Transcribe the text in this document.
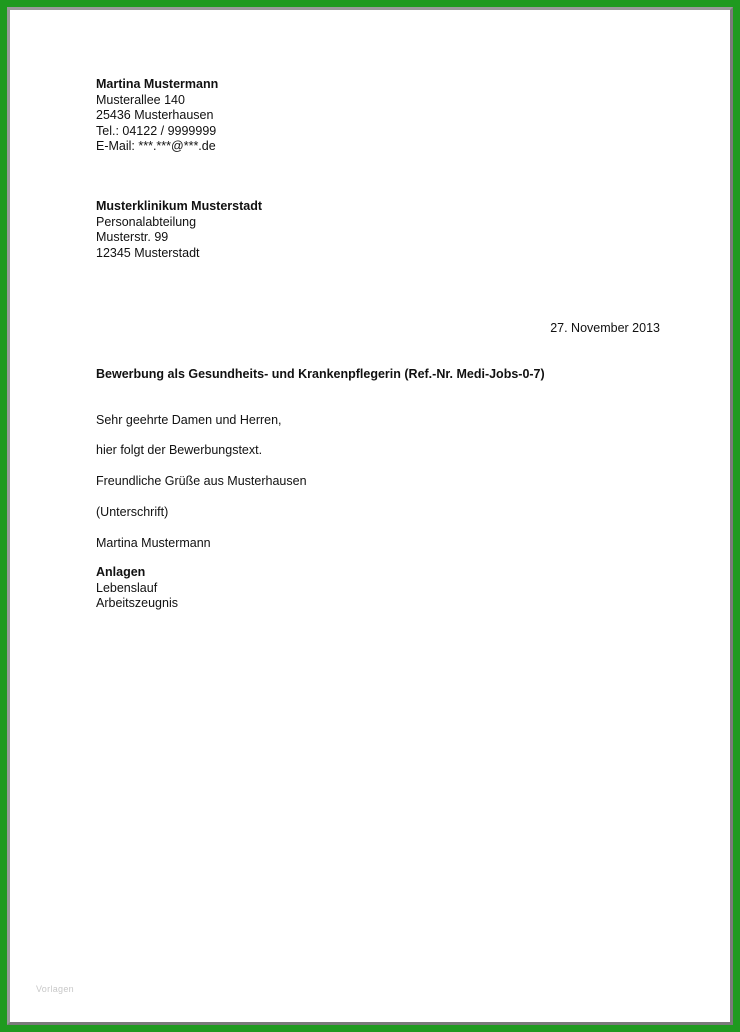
Martina Mustermann
Musterallee 140
25436 Musterhausen
Tel.: 04122 / 9999999
E-Mail: ***.***@***.de
Musterklinikum Musterstadt
Personalabteilung
Musterstr. 99
12345 Musterstadt
27. November 2013
Bewerbung als Gesundheits- und Krankenpflegerin (Ref.-Nr. Medi-Jobs-0-7)
Sehr geehrte Damen und Herren,
hier folgt der Bewerbungstext.
Freundliche Grüße aus Musterhausen
(Unterschrift)
Martina Mustermann
Anlagen
Lebenslauf
Arbeitszeugnis
Vorlagen
